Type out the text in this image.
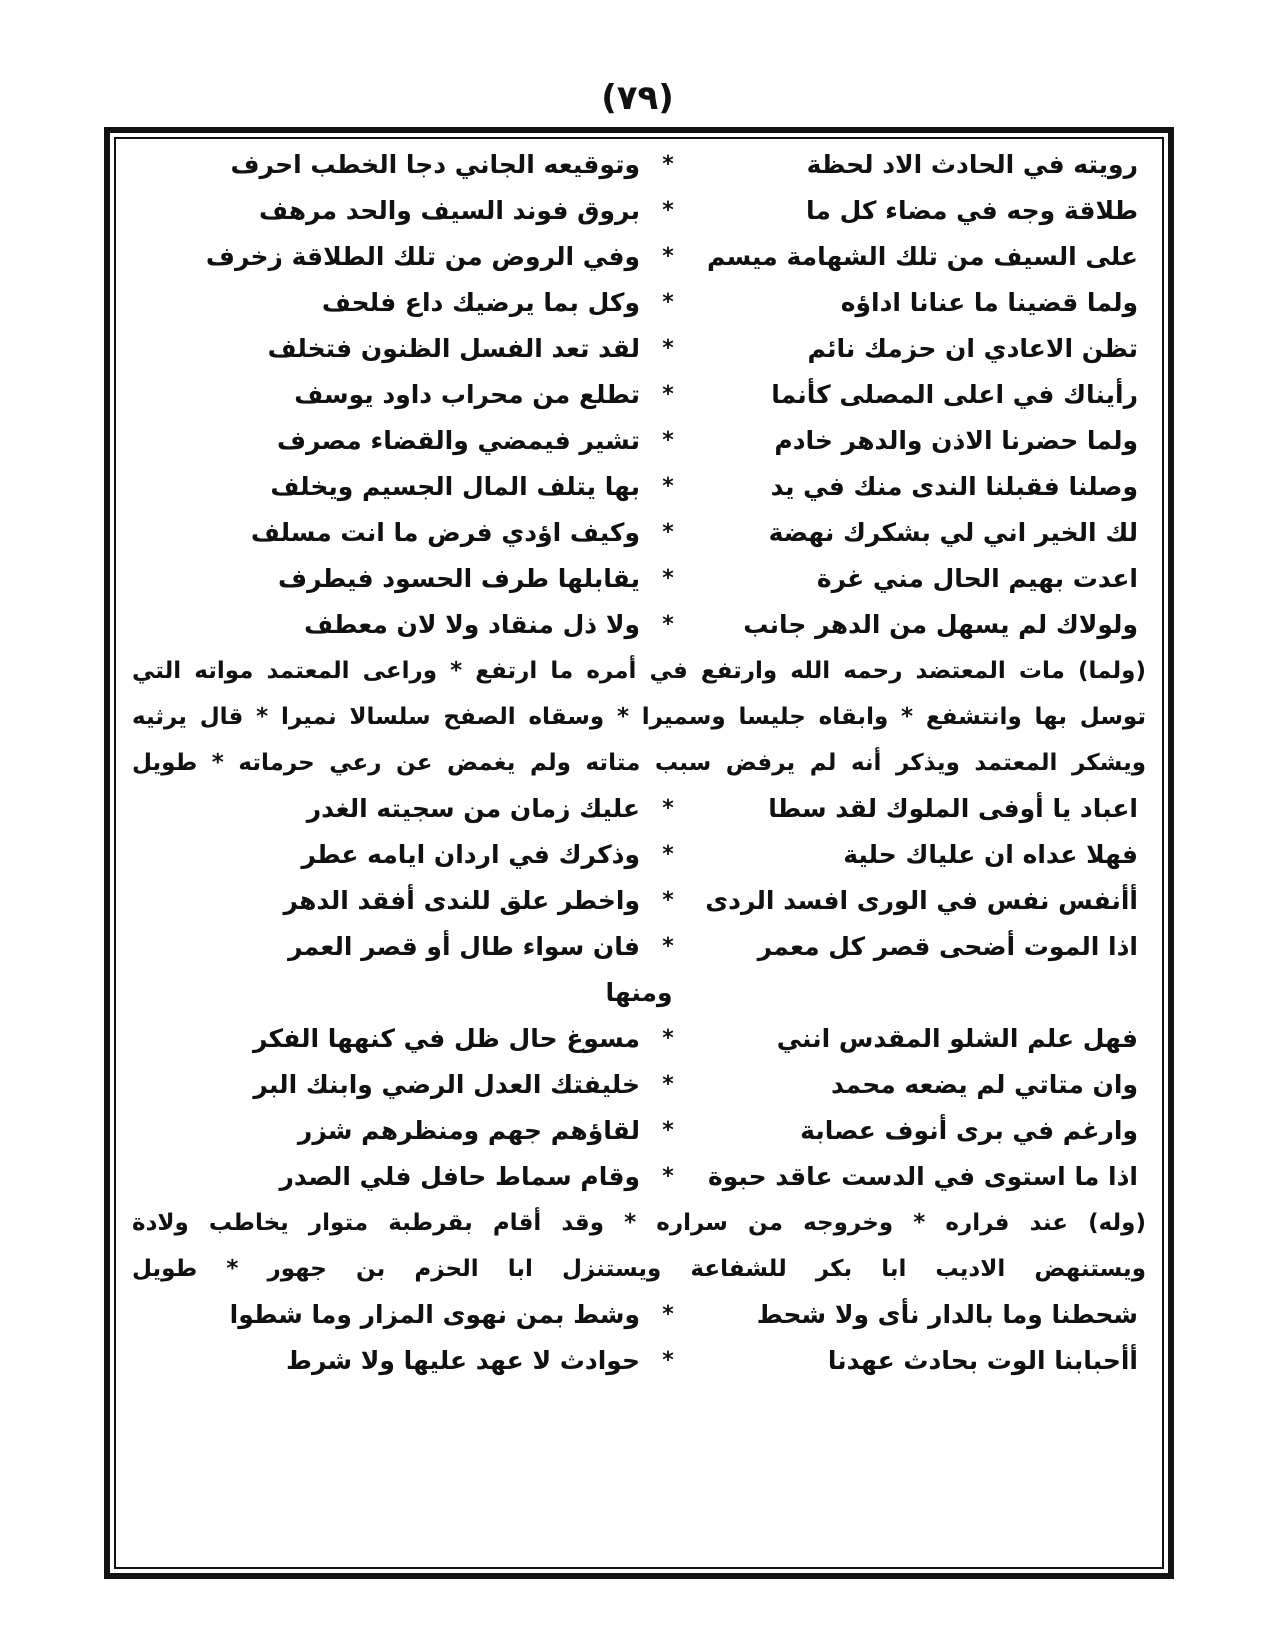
(٧٩)
رويته في الحادث الاد لحظة
*
وتوقيعه الجاني دجا الخطب احرف
طلاقة وجه في مضاء كل ما
*
بروق فوند السيف والحد مرهف
على السيف من تلك الشهامة ميسم
*
وفي الروض من تلك الطلاقة زخرف
ولما قضينا ما عنانا اداؤه
*
وكل بما يرضيك داع فلحف
تظن الاعادي ان حزمك نائم
*
لقد تعد الفسل الظنون فتخلف
رأيناك في اعلى المصلى كأنما
*
تطلع من محراب داود يوسف
ولما حضرنا الاذن والدهر خادم
*
تشير فيمضي والقضاء مصرف
وصلنا فقبلنا الندى منك في يد
*
بها يتلف المال الجسيم ويخلف
لك الخير اني لي بشكرك نهضة
*
وكيف اؤدي فرض ما انت مسلف
اعدت بهيم الحال مني غرة
*
يقابلها طرف الحسود فيطرف
ولولاك لم يسهل من الدهر جانب
*
ولا ذل منقاد ولا لان معطف
(ولما) مات المعتضد رحمه الله وارتفع في أمره ما ارتفع * وراعى المعتمد مواته التي
توسل بها وانتشفع * وابقاه جليسا وسميرا * وسقاه الصفح سلسالا نميرا * قال يرثيه
ويشكر المعتمد ويذكر أنه لم يرفض سبب متاته ولم يغمض عن رعي حرماته * طويل
اعباد يا أوفى الملوك لقد سطا
*
عليك زمان من سجيته الغدر
فهلا عداه ان علياك حلية
*
وذكرك في اردان ايامه عطر
أأنفس نفس في الورى افسد الردى
*
واخطر علق للندى أفقد الدهر
اذا الموت أضحى قصر كل معمر
*
فان سواء طال أو قصر العمر
ومنها
فهل علم الشلو المقدس انني
*
مسوغ حال ظل في كنهها الفكر
وان متاتي لم يضعه محمد
*
خليفتك العدل الرضي وابنك البر
وارغم في برى أنوف عصابة
*
لقاؤهم جهم ومنظرهم شزر
اذا ما استوى في الدست عاقد حبوة
*
وقام سماط حافل فلي الصدر
(وله) عند فراره * وخروجه من سراره * وقد أقام بقرطبة متوار يخاطب ولادة
ويستنهض الاديب ابا بكر للشفاعة ويستنزل ابا الحزم بن جهور * طويل
شحطنا وما بالدار نأى ولا شحط
*
وشط بمن نهوى المزار وما شطوا
أأحبابنا الوت بحادث عهدنا
*
حوادث لا عهد عليها ولا شرط
